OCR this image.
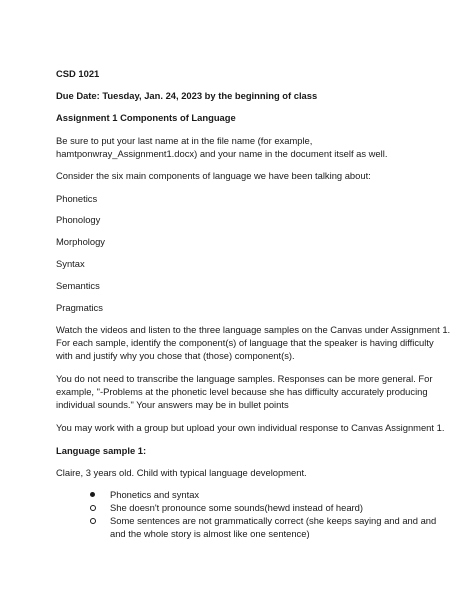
CSD 1021
Due Date: Tuesday, Jan. 24, 2023 by the beginning of class
Assignment 1 Components of Language
Be sure to put your last name at in the file name (for example,
hamtponwray_Assignment1.docx) and your name in the document itself as well.
Consider the six main components of language we have been talking about:
Phonetics
Phonology
Morphology
Syntax
Semantics
Pragmatics
Watch the videos and listen to the three language samples on the Canvas under Assignment 1.
For each sample, identify the component(s) of language that the speaker is having difficulty
with and justify why you chose that (those) component(s).
You do not need to transcribe the language samples. Responses can be more general. For
example, "-Problems at the phonetic level because she has difficulty accurately producing
individual sounds." Your answers may be in bullet points
You may work with a group but upload your own individual response to Canvas Assignment 1.
Language sample 1:
Claire, 3 years old. Child with typical language development.
Phonetics and syntax
She doesn't pronounce some sounds(hewd instead of heard)
Some sentences are not grammatically correct (she keeps saying and and and
and the whole story is almost like one sentence)
